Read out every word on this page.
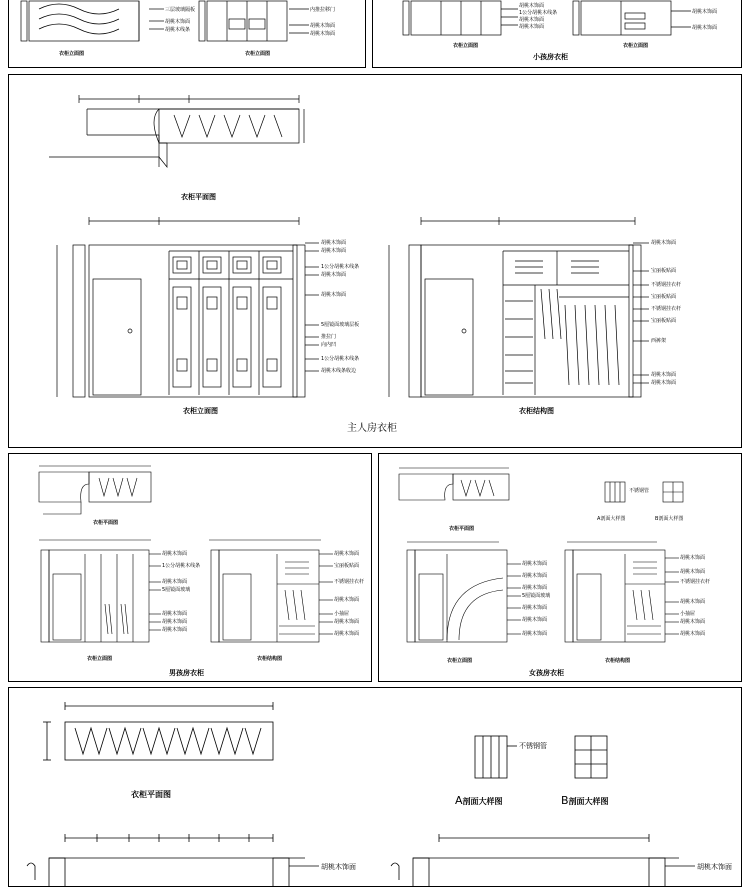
三层玻璃隔板
胡桃木饰面
胡桃木线条
内推拉移门
胡桃木饰面
胡桃木饰面
衣柜立面图	衣柜立面图
胡桃木饰面
1公分胡桃木线条
胡桃木饰面
胡桃木饰面
胡桃木饰面
胡桃木饰面
衣柜立面图	衣柜立面图
小孩房衣柜
衣柜平面图
胡桃木饰面
胡桃木饰面
1公分胡桃木线条
胡桃木饰面
胡桃木饰面
5厘镜面玻璃层板
推拉门
向内凹
1公分胡桃木线条
胡桃木线条收边
胡桃木饰面
宝丽板贴面
不锈钢挂衣杆
宝丽板贴面
不锈钢挂衣杆
宝丽板贴面
西裤架
胡桃木饰面
胡桃木饰面
衣柜立面图	衣柜结构图
主人房衣柜
衣柜平面图
胡桃木饰面
1公分胡桃木线条
胡桃木饰面
5厘镜面玻璃
胡桃木饰面
胡桃木饰面
胡桃木饰面
胡桃木饰面
宝丽板贴面
不锈钢挂衣杆
胡桃木饰面
小抽屉
胡桃木饰面
胡桃木饰面
衣柜立面图	衣柜结构图
男孩房衣柜
不锈钢管
A剖面大样图	B剖面大样图
衣柜平面图
胡桃木饰面
胡桃木饰面
胡桃木饰面
5厘镜面玻璃
胡桃木饰面
胡桃木饰面
胡桃木饰面
胡桃木饰面
胡桃木饰面
不锈钢挂衣杆
胡桃木饰面
小抽屉
胡桃木饰面
胡桃木饰面
衣柜立面图	衣柜结构图
女孩房衣柜
衣柜平面图
不锈钢管
A剖面大样图	B剖面大样图
胡桃木饰面	胡桃木饰面
